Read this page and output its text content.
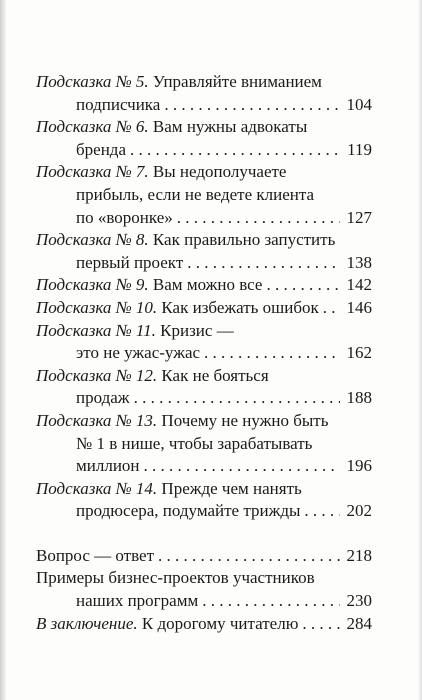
Подсказка № 5.
Управляйте вниманием
подписчика . . .	104
Подсказка № 6.
Вам нужны адвокаты
бренда . . .	119
Подсказка № 7.
Вы недополучаете
прибыль, если не ведете клиента
по «воронке» . . .	127
Подсказка № 8.
Как правильно запустить
первый проект . . .	138
Подсказка № 9.
Вам можно все . . .	142
Подсказка № 10.
Как избежать ошибок . . . 146
Подсказка № 11.
Кризис —
это не ужас-ужас . . .	162
Подсказка № 12.
Как не бояться
продаж . . .	188
Подсказка № 13.
Почему не нужно быть
№ 1 в нише, чтобы зарабатывать
миллион . . .	196
Подсказка № 14.
Прежде чем нанять
продюсера, подумайте трижды . . .	202
Вопрос — ответ . . .	218
Примеры бизнес-проектов участников
наших программ . . .	230
В заключение.
К дорогому читателю . . .	284
